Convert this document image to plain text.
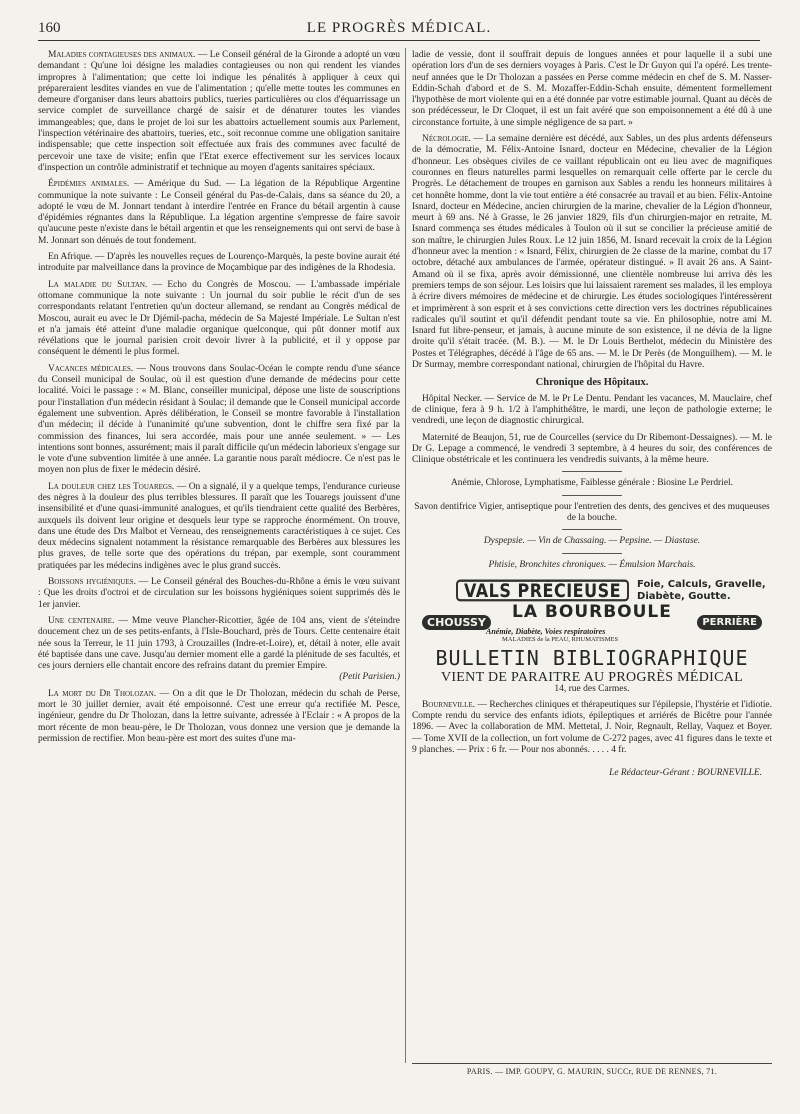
160	LE PROGRÈS MÉDICAL.

Maladies contagieuses des animaux. — Le Conseil général de la Gironde a adopté un vœu demandant : Qu'une loi désigne les maladies contagieuses ou non qui rendent les viandes impropres à l'alimentation; que cette loi indique les pénalités à appliquer à ceux qui prépareraient lesdites viandes en vue de l'alimentation ; qu'elle mette toutes les communes en demeure d'organiser dans leurs abattoirs publics, tueries particulières ou clos d'équarrissage un service complet de surveillance chargé de saisir et de dénaturer toutes les viandes immangeables; que, dans le projet de loi sur les abattoirs actuellement soumis aux Parlement, l'inspection vétérinaire des abattoirs, tueries, etc., soit reconnue comme une obligation sanitaire indispensable; que cette inspection soit effectuée aux frais des communes avec faculté de percevoir une taxe de visite; enfin que l'Etat exerce effectivement sur les services locaux d'inspection un contrôle administratif et technique au moyen d'agents sanitaires spéciaux.

Épidémies animales. — Amérique du Sud. — La légation de la République Argentine communique la note suivante : Le Conseil général du Pas-de-Calais, dans sa séance du 20, a adopté le vœu de M. Jonnart tendant à interdire l'entrée en France du bétail argentin à cause d'épidémies régnantes dans la République. La légation argentine s'empresse de faire savoir qu'aucune peste n'existe dans le bétail argentin et que les renseignements qui ont servi de base à M. Jonnart son dénués de tout fondement.

En Afrique. — D'après les nouvelles reçues de Lourenço-Marquès, la peste bovine aurait été introduite par malveillance dans la province de Moçambique par des indigènes de la Rhodesia.

La maladie du Sultan. — Echo du Congrès de Moscou. — L'ambassade impériale ottomane communique la note suivante : Un journal du soir publie le récit d'un de ses correspondants relatant l'entretien qu'un docteur allemand, se rendant au Congrès médical de Moscou, aurait eu avec le Dr Djémil-pacha, médecin de Sa Majesté Impériale. Le Sultan n'est et n'a jamais été atteint d'une maladie organique quelconque, qui pût donner motif aux révélations que le journal parisien croit devoir livrer à la publicité, et il y oppose par conséquent le démenti le plus formel.

Vacances médicales. — Nous trouvons dans Soulac-Océan le compte rendu d'une séance du Conseil municipal de Soulac, où il est question d'une demande de médecins pour cette localité. Voici le passage : « M. Blanc, conseiller municipal, dépose une liste de souscriptions pour l'installation d'un médecin résidant à Soulac; il demande que le Conseil municipal accorde également une subvention. Après délibération, le Conseil se montre favorable à l'installation d'un médecin; il décide à l'unanimité qu'une subvention, dont le chiffre sera fixé par la commission des finances, lui sera accordée, mais pour une année seulement. » — Les intentions sont bonnes, assurément; mais il paraît difficile qu'un médecin laborieux s'engage sur le vote d'une subvention limitée à une année. La garantie nous paraît médiocre. Ce n'est pas le moyen non plus de fixer le médecin désiré.

La douleur chez les Touaregs. — On a signalé, il y a quelque temps, l'endurance curieuse des nègres à la douleur des plus terribles blessures. Il paraît que les Touaregs jouissent d'une insensibilité et d'une quasi-immunité analogues, et qu'ils tiendraient cette qualité des Berbères, auxquels ils doivent leur origine et desquels leur type se rapproche énormément. On trouve, dans une étude des Drs Malbot et Verneau, des renseignements caractéristiques à ce sujet. Ces deux médecins signalent notamment la résistance remarquable des Berbères aux blessures les plus graves, de telle sorte que des opérations du trépan, par exemple, sont couramment pratiquées par les médecins indigènes avec le plus grand succès.

Boissons hygiéniques. — Le Conseil général des Bouches-du-Rhône a émis le vœu suivant : Que les droits d'octroi et de circulation sur les boissons hygiéniques soient supprimés dès le 1er janvier.

Une centenaire. — Mme veuve Plancher-Ricottier, âgée de 104 ans, vient de s'éteindre doucement chez un de ses petits-enfants, à l'Isle-Bouchard, près de Tours. Cette centenaire était née sous la Terreur, le 11 juin 1793, à Crouzailles (Indre-et-Loire), et, détail à noter, elle avait été baptisée dans une cave. Jusqu'au dernier moment elle a gardé la plénitude de ses facultés, et ces jours derniers elle chantait encore des refrains datant du premier Empire.
(Petit Parisien.)

La mort du Dr Tholozan. — On a dit que le Dr Tholozan, médecin du schah de Perse, mort le 30 juillet dernier, avait été empoisonné. C'est une erreur qu'a rectifiée M. Pesce, ingénieur, gendre du Dr Tholozan, dans la lettre suivante, adressée à l'Eclair : « A propos de la mort récente de mon beau-père, le Dr Tholozan, vous donnez une version que je demande la permission de rectifier. Mon beau-père est mort des suites d'une ma-

ladie de vessie, dont il souffrait depuis de longues années et pour laquelle il a subi une opération lors d'un de ses derniers voyages à Paris. C'est le Dr Guyon qui l'a opéré. Les trente-neuf années que le Dr Tholozan a passées en Perse comme médecin en chef de S. M. Nasser-Eddin-Schah d'abord et de S. M. Mozaffer-Eddin-Schah ensuite, démentent formellement l'hypothèse de mort violente qui en a été donnée par votre estimable journal. Quant au décès de son prédécesseur, le Dr Cloquet, il est un fait avéré que son empoisonnement a été dû à une circonstance fortuite, à une simple négligence de sa part. »

Nécrologie. — La semaine dernière est décédé, aux Sables, un des plus ardents défenseurs de la démocratie, M. Félix-Antoine Isnard, docteur en Médecine, chevalier de la Légion d'honneur. Les obsèques civiles de ce vaillant républicain ont eu lieu avec de magnifiques couronnes en fleurs naturelles parmi lesquelles on remarquait celle offerte par le cercle du Progrès. Le détachement de troupes en garnison aux Sables a rendu les honneurs militaires à cet honnête homme, dont la vie tout entière a été consacrée au travail et au bien. Félix-Antoine Isnard, docteur en Médecine, ancien chirurgien de la marine, chevalier de la Légion d'honneur, meurt à 69 ans. Né à Grasse, le 26 janvier 1829, fils d'un chirurgien-major en retraite, M. Isnard commença ses études médicales à Toulon où il sut se concilier la précieuse amitié de son maître, le chirurgien Jules Roux. Le 12 juin 1856, M. Isnard recevait la croix de la Légion d'honneur avec la mention : « Isnard, Félix, chirurgien de 2e classe de la marine, combat du 17 octobre, détaché aux ambulances de l'armée, opérateur distingué. » Il avait 26 ans. A Saint-Amand où il se fixa, après avoir démissionné, une clientèle nombreuse lui arriva dès les premiers temps de son séjour. Les loisirs que lui laissaient rarement ses malades, il les employa à écrire divers mémoires de médecine et de chirurgie. Les études sociologiques l'intéressèrent et imprimèrent à son esprit et à ses convictions cette direction vers les doctrines républicaines radicales qu'il soutint et qu'il défendit pendant toute sa vie. En philosophie, notre ami M. Isnard fut libre-penseur, et jamais, à aucune minute de son existence, il ne dévia de la ligne droite qu'il s'était tracée. (M. B.). — M. le Dr Louis Berthelot, médecin du Ministère des Postes et Télégraphes, décédé à l'âge de 65 ans. — M. le Dr Perès (de Monguilhem). — M. le Dr Surmay, membre correspondant national, chirurgien de l'hôpital du Havre.

Chronique des Hôpitaux.

Hôpital Necker. — Service de M. le Pr Le Dentu. Pendant les vacances, M. Mauclaire, chef de clinique, fera à 9 h. 1/2 à l'amphithéâtre, le mardi, une leçon de pathologie externe; le vendredi, une leçon de diagnostic chirurgical.

Maternité de Beaujon, 51, rue de Courcelles (service du Dr Ribemont-Dessaignes). — M. le Dr G. Lepage a commencé, le vendredi 3 septembre, à 4 heures du soir, des conférences de Clinique obstétricale et les continuera les vendredis suivants, à la même heure.

Anémie, Chlorose, Lymphatisme, Faiblesse générale : Biosine Le Perdriel.

Savon dentifrice Vigier, antiseptique pour l'entretien des dents, des gencives et des muqueuses de la bouche.

Dyspepsie. — Vin de Chassaing. — Pepsine. — Diastase.

Phtisie, Bronchites chroniques. — Émulsion Marchais.

VALS PRÉCIEUSE	Foie, Calculs, Gravelle,
Diabète, Goutte.
CHOUSSY
LA BOURBOULE
Anémie, Diabète, Voies respiratoires
MALADIES de la PEAU, RHUMATISMES
PERRIÈRE
BULLETIN BIBLIOGRAPHIQUE
VIENT DE PARAITRE AU PROGRÈS MÉDICAL
14, rue des Carmes.

Bourneville. — Recherches cliniques et thérapeutiques sur l'épilepsie, l'hystérie et l'idiotie. Compte rendu du service des enfants idiots, épileptiques et arriérés de Bicêtre pour l'année 1896. — Avec la collaboration de MM. Mettetal, J. Noir, Regnault, Rellay, Vaquez et Boyer. — Tome XVII de la collection, un fort volume de C-272 pages, avec 41 figures dans le texte et 9 planches. — Prix : 6 fr. — Pour nos abonnés. . . . . 4 fr.

Le Rédacteur-Gérant : BOURNEVILLE.
PARIS. — IMP. GOUPY, G. MAURIN, SUCCr, RUE DE RENNES, 71.
